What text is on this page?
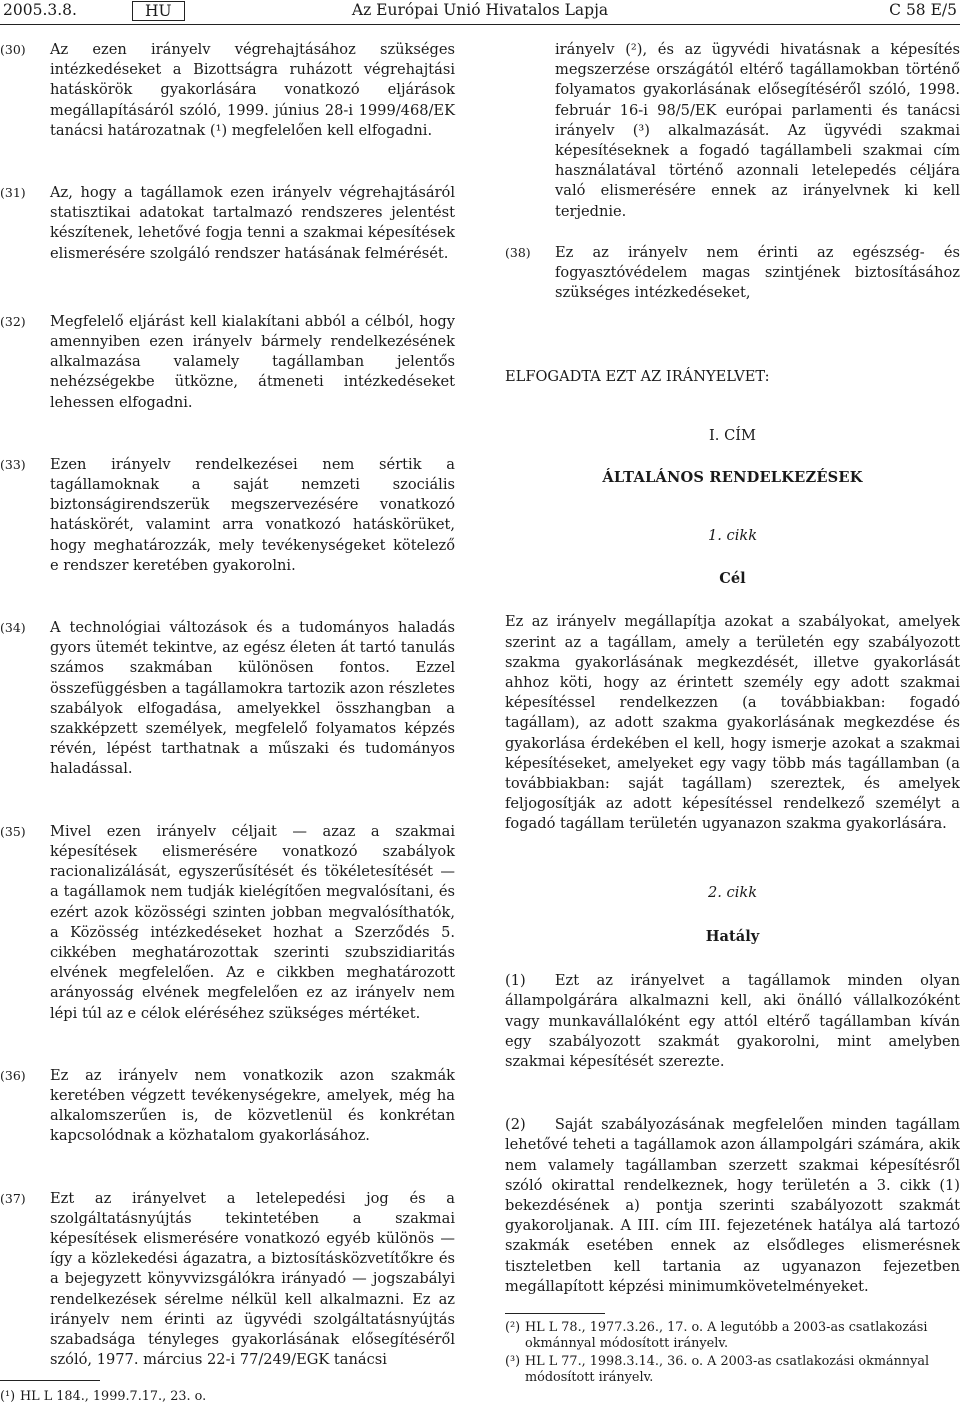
2005.3.8.	HU	Az Európai Unió Hivatalos Lapja	C 58 E/5
(30) Az ezen irányelv végrehajtásához szükséges intézkedéseket a Bizottságra ruházott végrehajtási hatáskörök gyakorlására vonatkozó eljárások megállapításáról szóló, 1999. június 28-i 1999/468/EK tanácsi határozatnak (¹) megfelelően kell elfogadni.
(31) Az, hogy a tagállamok ezen irányelv végrehajtásáról statisztikai adatokat tartalmazó rendszeres jelentést készítenek, lehetővé fogja tenni a szakmai képesítések elismerésére szolgáló rendszer hatásának felmérését.
(32) Megfelelő eljárást kell kialakítani abból a célból, hogy amennyiben ezen irányelv bármely rendelkezésének alkalmazása valamely tagállamban jelentős nehézségekbe ütközne, átmeneti intézkedéseket lehessen elfogadni.
(33) Ezen irányelv rendelkezései nem sértik a tagállamoknak a saját nemzeti szociális biztonságirendszerük megszervezésére vonatkozó hatáskörét, valamint arra vonatkozó hatáskörüket, hogy meghatározzák, mely tevékenységeket kötelező e rendszer keretében gyakorolni.
(34) A technológiai változások és a tudományos haladás gyors ütemét tekintve, az egész életen át tartó tanulás számos szakmában különösen fontos. Ezzel összefüggésben a tagállamokra tartozik azon részletes szabályok elfogadása, amelyekkel összhangban a szakképzett személyek, megfelelő folyamatos képzés révén, lépést tarthatnak a műszaki és tudományos haladással.
(35) Mivel ezen irányelv céljait — azaz a szakmai képesítések elismerésére vonatkozó szabályok racionalizálását, egyszerűsítését és tökéletesítését — a tagállamok nem tudják kielégítően megvalósítani, és ezért azok közösségi szinten jobban megvalósíthatók, a Közösség intézkedéseket hozhat a Szerződés 5. cikkében meghatározottak szerinti szubszidiaritás elvének megfelelően. Az e cikkben meghatározott arányosság elvének megfelelően ez az irányelv nem lépi túl az e célok eléréséhez szükséges mértéket.
(36) Ez az irányelv nem vonatkozik azon szakmák keretében végzett tevékenységekre, amelyek, még ha alkalomszerűen is, de közvetlenül és konkrétan kapcsolódnak a közhatalom gyakorlásához.
(37) Ezt az irányelvet a letelepedési jog és a szolgáltatásnyújtás tekintetében a szakmai képesítések elismerésére vonatkozó egyéb különös — így a közlekedési ágazatra, a biztosításközvetítőkre és a bejegyzett könyvvizsgálókra irányadó — jogszabályi rendelkezések sérelme nélkül kell alkalmazni. Ez az irányelv nem érinti az ügyvédi szolgáltatásnyújtás szabadsága tényleges gyakorlásának elősegítéséről szóló, 1977. március 22-i 77/249/EGK tanácsi
(¹) HL L 184., 1999.7.17., 23. o.
irányelv (²), és az ügyvédi hivatásnak a képesítés megszerzése országától eltérő tagállamokban történő folyamatos gyakorlásának elősegítéséről szóló, 1998. február 16-i 98/5/EK európai parlamenti és tanácsi irányelv (³) alkalmazását. Az ügyvédi szakmai képesítéseknek a fogadó tagállambeli szakmai cím használatával történő azonnali letelepedés céljára való elismerésére ennek az irányelvnek ki kell terjednie.
(38) Ez az irányelv nem érinti az egészség- és fogyasztóvédelem magas szintjének biztosításához szükséges intézkedéseket,
ELFOGADTA EZT AZ IRÁNYELVET:
I. CÍM
ÁLTALÁNOS RENDELKEZÉSEK
1. cikk
Cél
Ez az irányelv megállapítja azokat a szabályokat, amelyek szerint az a tagállam, amely a területén egy szabályozott szakma gyakorlásának megkezdését, illetve gyakorlását ahhoz köti, hogy az érintett személy egy adott szakmai képesítéssel rendelkezzen (a továbbiakban: fogadó tagállam), az adott szakma gyakorlásának megkezdése és gyakorlása érdekében el kell, hogy ismerje azokat a szakmai képesítéseket, amelyeket egy vagy több más tagállamban (a továbbiakban: saját tagállam) szereztek, és amelyek feljogosítják az adott képesítéssel rendelkező személyt a fogadó tagállam területén ugyanazon szakma gyakorlására.
2. cikk
Hatály
(1)  Ezt az irányelvet a tagállamok minden olyan állampolgárára alkalmazni kell, aki önálló vállalkozóként vagy munkavállalóként egy attól eltérő tagállamban kíván egy szabályozott szakmát gyakorolni, mint amelyben szakmai képesítését szerezte.
(2)  Saját szabályozásának megfelelően minden tagállam lehetővé teheti a tagállamok azon állampolgári számára, akik nem valamely tagállamban szerzett szakmai képesítésről szóló okirattal rendelkeznek, hogy területén a 3. cikk (1) bekezdésének a) pontja szerinti szabályozott szakmát gyakoroljanak. A III. cím III. fejezetének hatálya alá tartozó szakmák esetében ennek az elsődleges elismerésnek tiszteletben kell tartania az ugyanazon fejezetben megállapított képzési minimumkövetelményeket.
(²) HL L 78., 1977.3.26., 17. o. A legutóbb a 2003-as csatlakozási okmánnyal módosított irányelv.
(³) HL L 77., 1998.3.14., 36. o. A 2003-as csatlakozási okmánnyal módosított irányelv.
